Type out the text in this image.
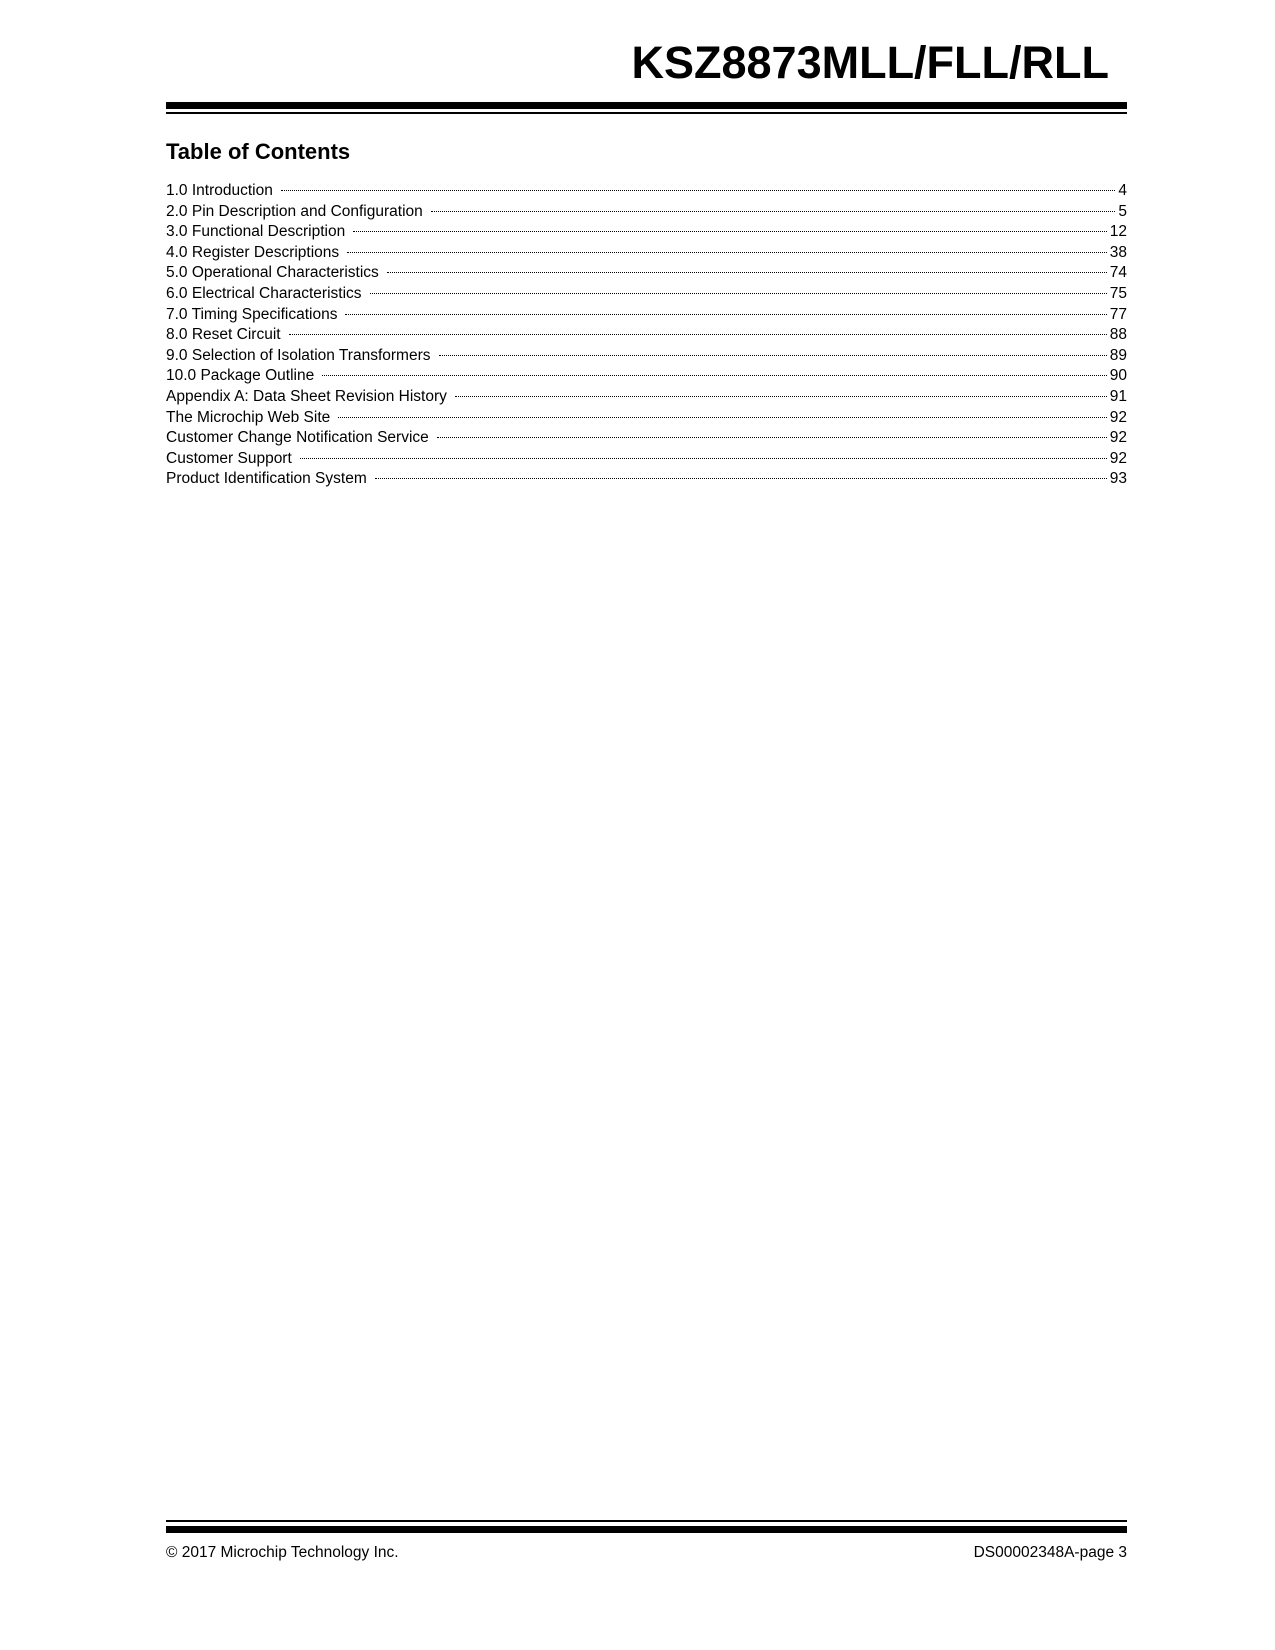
KSZ8873MLL/FLL/RLL
Table of Contents
1.0 Introduction	4
2.0 Pin Description and Configuration	5
3.0 Functional Description	12
4.0 Register Descriptions	38
5.0 Operational Characteristics	74
6.0 Electrical Characteristics	75
7.0 Timing Specifications	77
8.0 Reset Circuit	88
9.0 Selection of Isolation Transformers	89
10.0 Package Outline	90
Appendix A: Data Sheet Revision History	91
The Microchip Web Site	92
Customer Change Notification Service	92
Customer Support	92
Product Identification System	93
© 2017 Microchip Technology Inc.	DS00002348A-page 3
